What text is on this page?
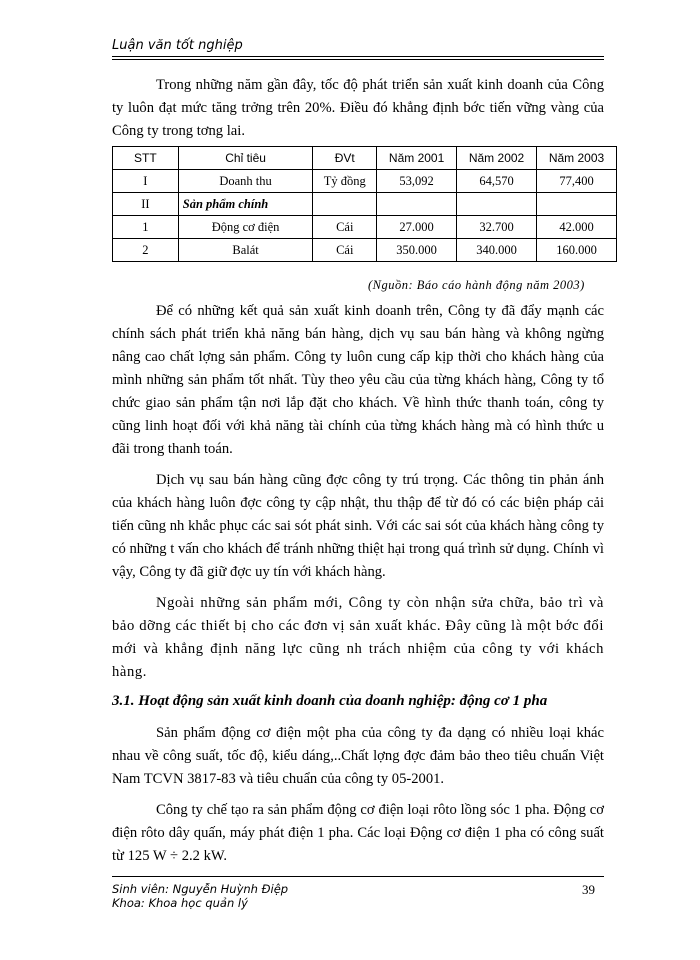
Luận văn tốt nghiệp

Trong những năm gần đây, tốc độ phát triển sản xuất kinh doanh của Công ty luôn đạt mức tăng trởng trên 20%. Điều đó khẳng định bớc tiến vững vàng của Công ty trong tơng lai.

STT	Chỉ tiêu	ĐVt	Năm 2001	Năm 2002	Năm 2003
I	Doanh thu	Tỷ đồng	53,092	64,570	77,400
II	Sản phẩm chính				
1	Động cơ điện	Cái	27.000	32.700	42.000
2	Balát	Cái	350.000	340.000	160.000
(Nguồn: Báo cáo hành động năm 2003)

Để có những kết quả sản xuất kinh doanh trên, Công ty đã đẩy mạnh các chính sách phát triển khả năng bán hàng, dịch vụ sau bán hàng và không ngừng nâng cao chất lợng sản phẩm. Công ty luôn cung cấp kịp thời cho khách hàng của mình những sản phẩm tốt nhất. Tùy theo yêu cầu của từng khách hàng, Công ty tổ chức giao sản phẩm tận nơi lắp đặt cho khách. Về hình thức thanh toán, công ty cũng linh hoạt đối với khả năng tài chính của từng khách hàng mà có hình thức u đãi trong thanh toán.

Dịch vụ sau bán hàng cũng đợc công ty trú trọng. Các thông tin phản ánh của khách hàng luôn đợc công ty cập nhật, thu thập để từ đó có các biện pháp cải tiến cũng nh khắc phục các sai sót phát sinh. Với các sai sót của khách hàng công ty có những t vấn cho khách để tránh những thiệt hại trong quá trình sử dụng. Chính vì vậy, Công ty đã giữ đợc uy tín với khách hàng.

Ngoài những sản phẩm mới, Công ty còn nhận sửa chữa, bảo trì và bảo dỡng các thiết bị cho các đơn vị sản xuất khác. Đây cũng là một bớc đổi mới và khẳng định năng lực cũng nh trách nhiệm của công ty với khách hàng.

3.1. Hoạt động sản xuất kinh doanh của doanh nghiệp: động cơ 1 pha

Sản phẩm động cơ điện một pha của công ty đa dạng có nhiều loại khác nhau về công suất, tốc độ, kiểu dáng,..Chất lợng đợc đảm bảo theo tiêu chuẩn Việt Nam TCVN 3817-83 và tiêu chuẩn của công ty 05-2001.

Công ty chế tạo ra sản phẩm động cơ điện loại rôto lồng sóc 1 pha. Động cơ điện rôto dây quấn, máy phát điện 1 pha. Các loại Động cơ điện 1 pha có công suất từ 125 W ÷ 2.2 kW.

Sinh viên: Nguyễn Huỳnh Điệp
Khoa: Khoa học quản lý
39
